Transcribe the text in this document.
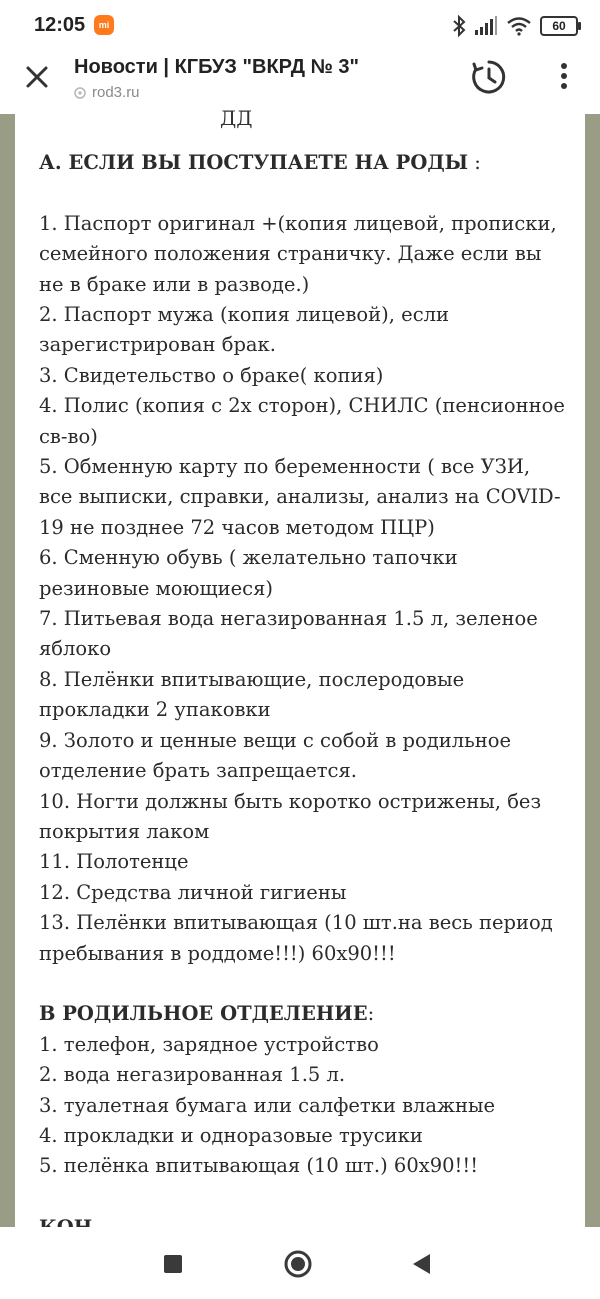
12:05	mi	60
Новости | КГБУЗ "ВКРД № 3"
rod3.ru
ДД

А. ЕСЛИ ВЫ ПОСТУПАЕТЕ НА РОДЫ :

1. Паспорт оригинал +(копия лицевой, прописки, семейного положения страничку. Даже если вы не в браке или в разводе.)

2. Паспорт мужа (копия лицевой), если зарегистрирован брак.

3. Свидетельство о браке( копия)

4. Полис (копия с 2х сторон), СНИЛС (пенсионное св-во)

5. Обменную карту по беременности ( все УЗИ, все выписки, справки, анализы, анализ на COVID-19 не позднее 72 часов методом ПЦР)

6. Сменную обувь ( желательно тапочки резиновые моющиеся)

7. Питьевая вода негазированная 1.5 л, зеленое яблоко

8. Пелёнки впитывающие, послеродовые прокладки 2 упаковки

9. Золото и ценные вещи с собой в родильное отделение брать запрещается.

10. Ногти должны быть коротко острижены, без покрытия лаком

11. Полотенце

12. Средства личной гигиены

13. Пелёнки впитывающая (10 шт.на весь период пребывания в роддоме!!!) 60х90!!!

В РОДИЛЬНОЕ ОТДЕЛЕНИЕ:

1. телефон, зарядное устройство

2. вода негазированная 1.5 л.

3. туалетная бумага или салфетки влажные

4. прокладки и одноразовые трусики

5. пелёнка впитывающая (10 шт.) 60х90!!!
